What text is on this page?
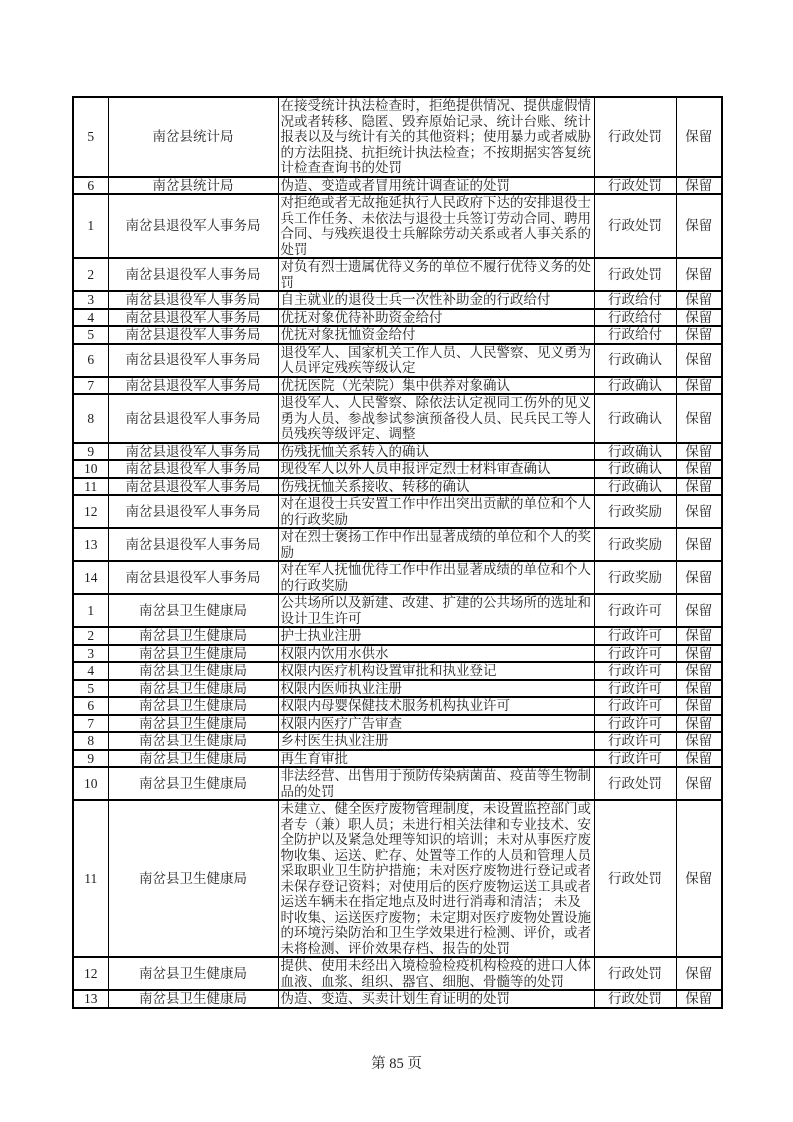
5	南岔县统计局	在接受统计执法检查时，拒绝提供情况、提供虚假情况或者转移、隐匿、毁弃原始记录、统计台账、统计报表以及与统计有关的其他资料；使用暴力或者威胁的方法阻挠、抗拒统计执法检查；不按期据实答复统计检查查询书的处罚	行政处罚	保留
6	南岔县统计局	伪造、变造或者冒用统计调查证的处罚	行政处罚	保留
1	南岔县退役军人事务局	对拒绝或者无故拖延执行人民政府下达的安排退役士兵工作任务、未依法与退役士兵签订劳动合同、聘用合同、与残疾退役士兵解除劳动关系或者人事关系的处罚	行政处罚	保留
2	南岔县退役军人事务局	对负有烈士遗属优待义务的单位不履行优待义务的处罚	行政处罚	保留
3	南岔县退役军人事务局	自主就业的退役士兵一次性补助金的行政给付	行政给付	保留
4	南岔县退役军人事务局	优抚对象优待补助资金给付	行政给付	保留
5	南岔县退役军人事务局	优抚对象抚恤资金给付	行政给付	保留
6	南岔县退役军人事务局	退役军人、国家机关工作人员、人民警察、见义勇为人员评定残疾等级认定	行政确认	保留
7	南岔县退役军人事务局	优抚医院（光荣院）集中供养对象确认	行政确认	保留
8	南岔县退役军人事务局	退役军人、人民警察、除依法认定视同工伤外的见义勇为人员、参战参试参演预备役人员、民兵民工等人员残疾等级评定、调整	行政确认	保留
9	南岔县退役军人事务局	伤残抚恤关系转入的确认	行政确认	保留
10	南岔县退役军人事务局	现役军人以外人员申报评定烈士材料审查确认	行政确认	保留
11	南岔县退役军人事务局	伤残抚恤关系接收、转移的确认	行政确认	保留
12	南岔县退役军人事务局	对在退役士兵安置工作中作出突出贡献的单位和个人的行政奖励	行政奖励	保留
13	南岔县退役军人事务局	对在烈士褒扬工作中作出显著成绩的单位和个人的奖励	行政奖励	保留
14	南岔县退役军人事务局	对在军人抚恤优待工作中作出显著成绩的单位和个人的行政奖励	行政奖励	保留
1	南岔县卫生健康局	公共场所以及新建、改建、扩建的公共场所的选址和设计卫生许可	行政许可	保留
2	南岔县卫生健康局	护士执业注册	行政许可	保留
3	南岔县卫生健康局	权限内饮用水供水	行政许可	保留
4	南岔县卫生健康局	权限内医疗机构设置审批和执业登记	行政许可	保留
5	南岔县卫生健康局	权限内医师执业注册	行政许可	保留
6	南岔县卫生健康局	权限内母婴保健技术服务机构执业许可	行政许可	保留
7	南岔县卫生健康局	权限内医疗广告审查	行政许可	保留
8	南岔县卫生健康局	乡村医生执业注册	行政许可	保留
9	南岔县卫生健康局	再生育审批	行政许可	保留
10	南岔县卫生健康局	非法经营、出售用于预防传染病菌苗、疫苗等生物制品的处罚	行政处罚	保留
11	南岔县卫生健康局	未建立、健全医疗废物管理制度，未设置监控部门或者专（兼）职人员；未进行相关法律和专业技术、安全防护以及紧急处理等知识的培训；未对从事医疗废物收集、运送、贮存、处置等工作的人员和管理人员采取职业卫生防护措施；未对医疗废物进行登记或者未保存登记资料；对使用后的医疗废物运送工具或者运送车辆未在指定地点及时进行消毒和清洁； 未及时收集、运送医疗废物；未定期对医疗废物处置设施的环境污染防治和卫生学效果进行检测、评价，或者未将检测、评价效果存档、报告的处罚	行政处罚	保留
12	南岔县卫生健康局	提供、使用未经出入境检验检疫机构检疫的进口人体血液、血浆、组织、器官、细胞、骨髓等的处罚	行政处罚	保留
13	南岔县卫生健康局	伪造、变造、买卖计划生育证明的处罚	行政处罚	保留
第 85 页
